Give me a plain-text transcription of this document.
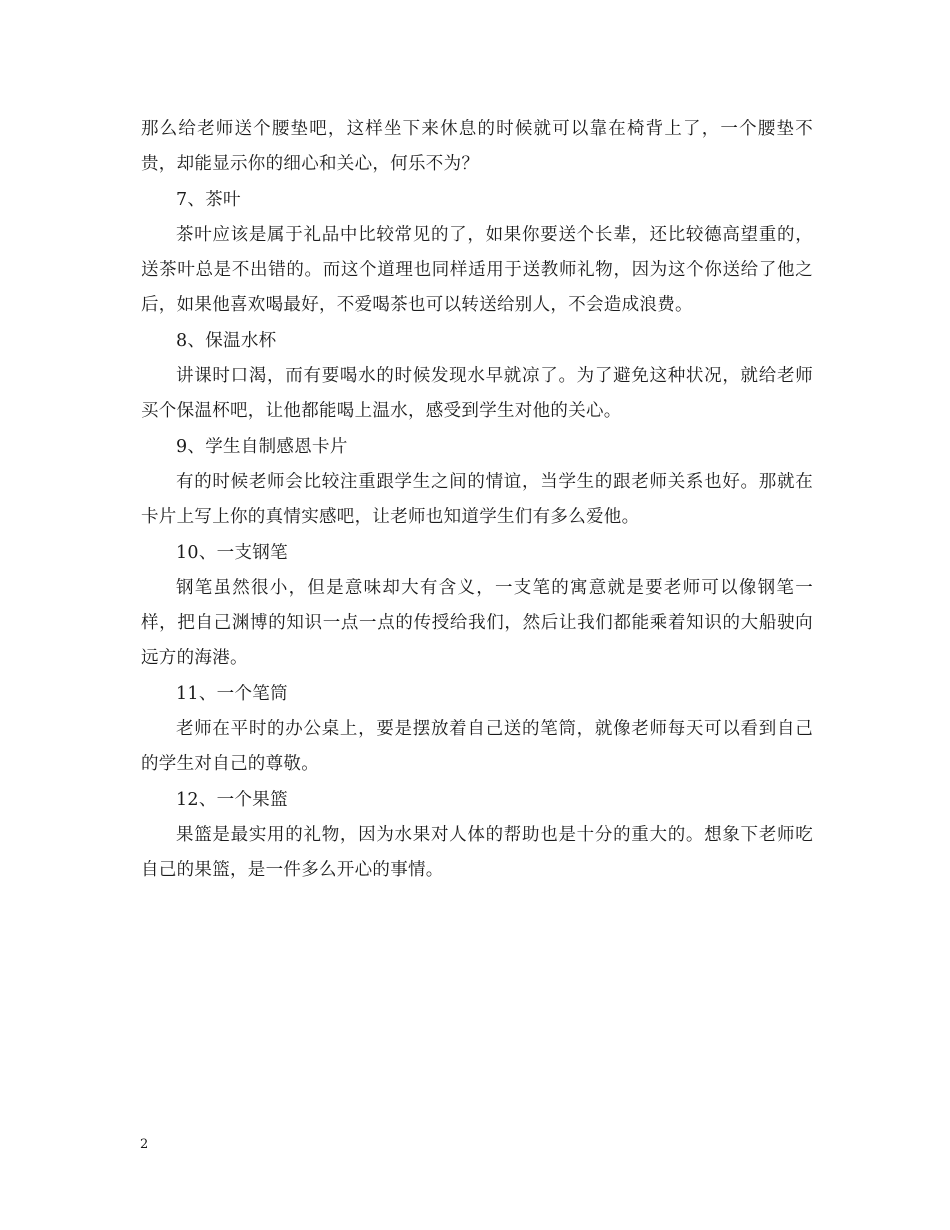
那么给老师送个腰垫吧，这样坐下来休息的时候就可以靠在椅背上了，一个腰垫不贵，却能显示你的细心和关心，何乐不为？

7、茶叶

茶叶应该是属于礼品中比较常见的了，如果你要送个长辈，还比较德高望重的，送茶叶总是不出错的。而这个道理也同样适用于送教师礼物，因为这个你送给了他之后，如果他喜欢喝最好，不爱喝茶也可以转送给别人，不会造成浪费。

8、保温水杯

讲课时口渴，而有要喝水的时候发现水早就凉了。为了避免这种状况，就给老师买个保温杯吧，让他都能喝上温水，感受到学生对他的关心。

9、学生自制感恩卡片

有的时候老师会比较注重跟学生之间的情谊，当学生的跟老师关系也好。那就在卡片上写上你的真情实感吧，让老师也知道学生们有多么爱他。

10、一支钢笔

钢笔虽然很小，但是意味却大有含义，一支笔的寓意就是要老师可以像钢笔一样，把自己渊博的知识一点一点的传授给我们，然后让我们都能乘着知识的大船驶向远方的海港。

11、一个笔筒

老师在平时的办公桌上，要是摆放着自己送的笔筒，就像老师每天可以看到自己的学生对自己的尊敬。

12、一个果篮

果篮是最实用的礼物，因为水果对人体的帮助也是十分的重大的。想象下老师吃自己的果篮，是一件多么开心的事情。

2
